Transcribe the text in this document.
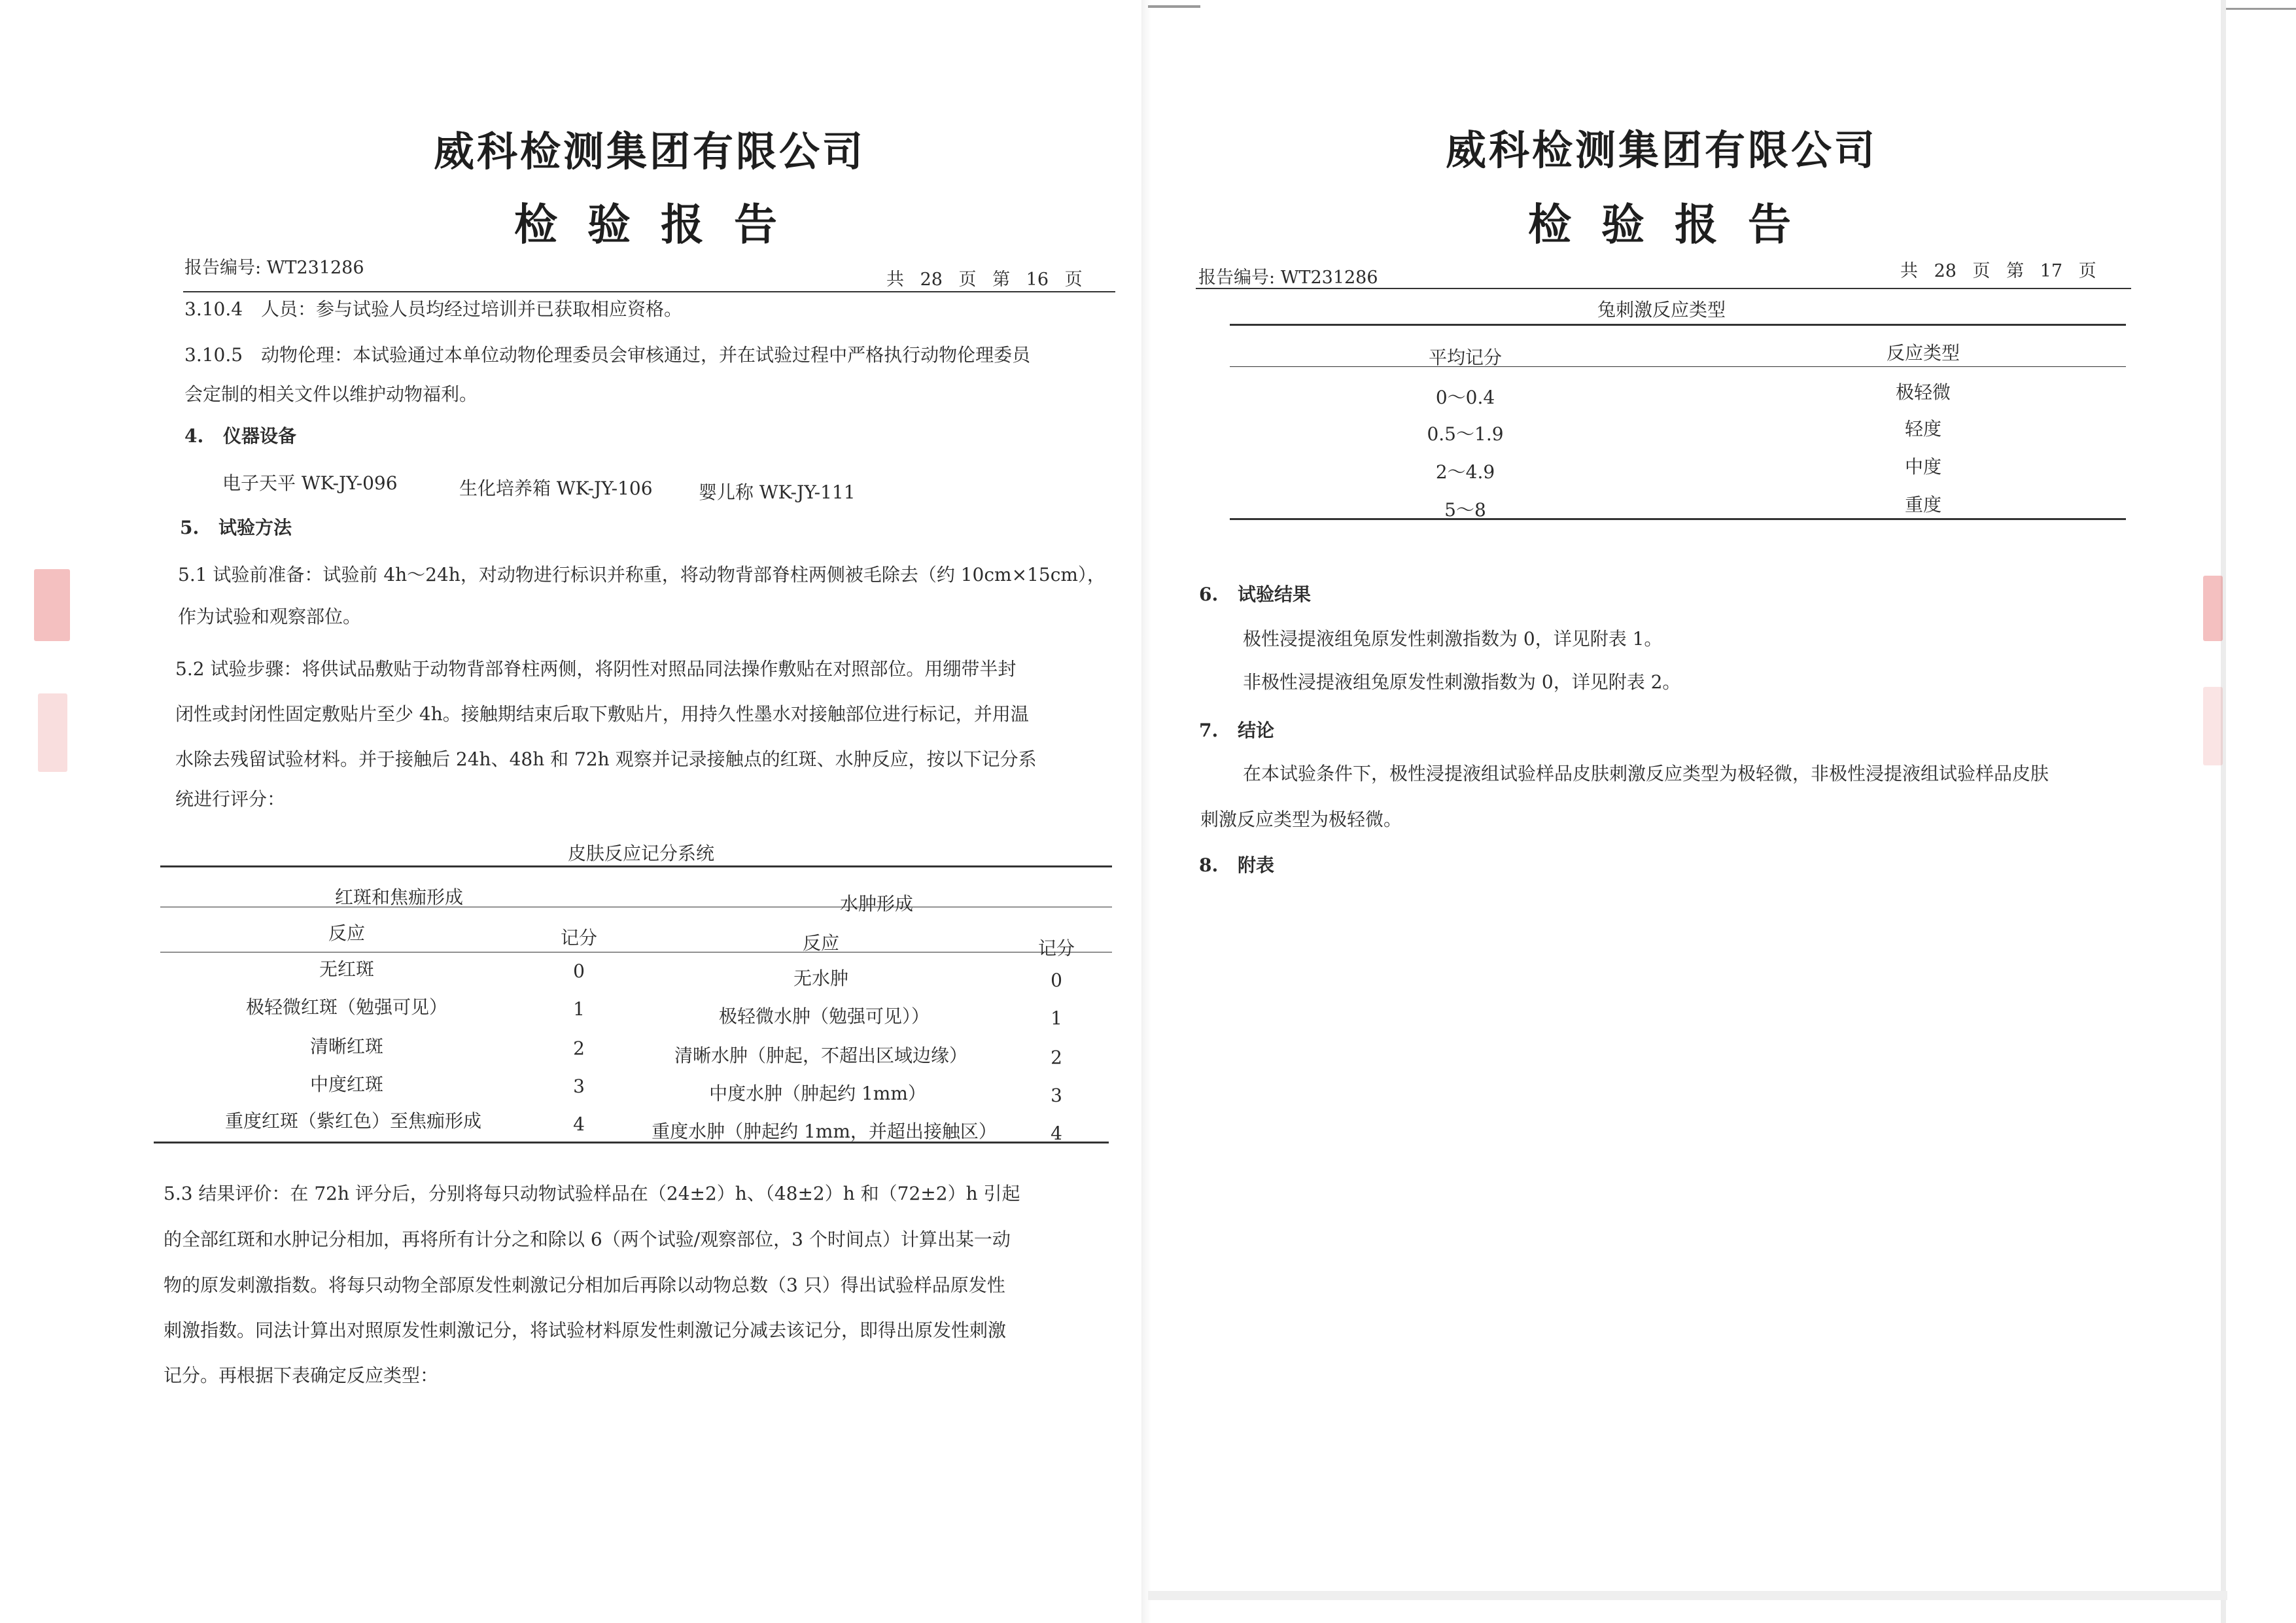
威科检测集团有限公司
检验报告
报告编号: WT231286
共 28 页 第 16 页
3.10.4　人员：参与试验人员均经过培训并已获取相应资格。
3.10.5　动物伦理：本试验通过本单位动物伦理委员会审核通过，并在试验过程中严格执行动物伦理委员
会定制的相关文件以维护动物福利。
4. 仪器设备
电子天平 WK-JY-096	生化培养箱 WK-JY-106	婴儿称 WK-JY-111
5. 试验方法
5.1 试验前准备：试验前 4h～24h，对动物进行标识并称重，将动物背部脊柱两侧被毛除去（约 10cm×15cm），
作为试验和观察部位。
5.2 试验步骤：将供试品敷贴于动物背部脊柱两侧，将阴性对照品同法操作敷贴在对照部位。用绷带半封
闭性或封闭性固定敷贴片至少 4h。接触期结束后取下敷贴片，用持久性墨水对接触部位进行标记，并用温
水除去残留试验材料。并于接触后 24h、48h 和 72h 观察并记录接触点的红斑、水肿反应，按以下记分系
统进行评分：
皮肤反应记分系统
红斑和焦痂形成	水肿形成
反应	记分	反应	记分
无红斑	0	无水肿	0
极轻微红斑（勉强可见）	1	极轻微水肿（勉强可见））	1
清晰红斑	2	清晰水肿（肿起，不超出区域边缘）	2
中度红斑	3	中度水肿（肿起约 1mm）	3
重度红斑（紫红色）至焦痂形成	4	重度水肿（肿起约 1mm，并超出接触区）	4
5.3 结果评价：在 72h 评分后，分别将每只动物试验样品在（24±2）h、（48±2）h 和（72±2）h 引起
的全部红斑和水肿记分相加，再将所有计分之和除以 6（两个试验/观察部位，3 个时间点）计算出某一动
物的原发刺激指数。将每只动物全部原发性刺激记分相加后再除以动物总数（3 只）得出试验样品原发性
刺激指数。同法计算出对照原发性刺激记分，将试验材料原发性刺激记分减去该记分，即得出原发性刺激
记分。再根据下表确定反应类型：
威科检测集团有限公司
检验报告
报告编号: WT231286	共 28 页 第 17 页
兔刺激反应类型
平均记分	反应类型
0～0.4	极轻微
0.5～1.9	轻度
2～4.9	中度
5～8	重度
6. 试验结果
极性浸提液组兔原发性刺激指数为 0，详见附表 1。
非极性浸提液组兔原发性刺激指数为 0，详见附表 2。
7. 结论
在本试验条件下，极性浸提液组试验样品皮肤刺激反应类型为极轻微，非极性浸提液组试验样品皮肤
刺激反应类型为极轻微。
8. 附表
